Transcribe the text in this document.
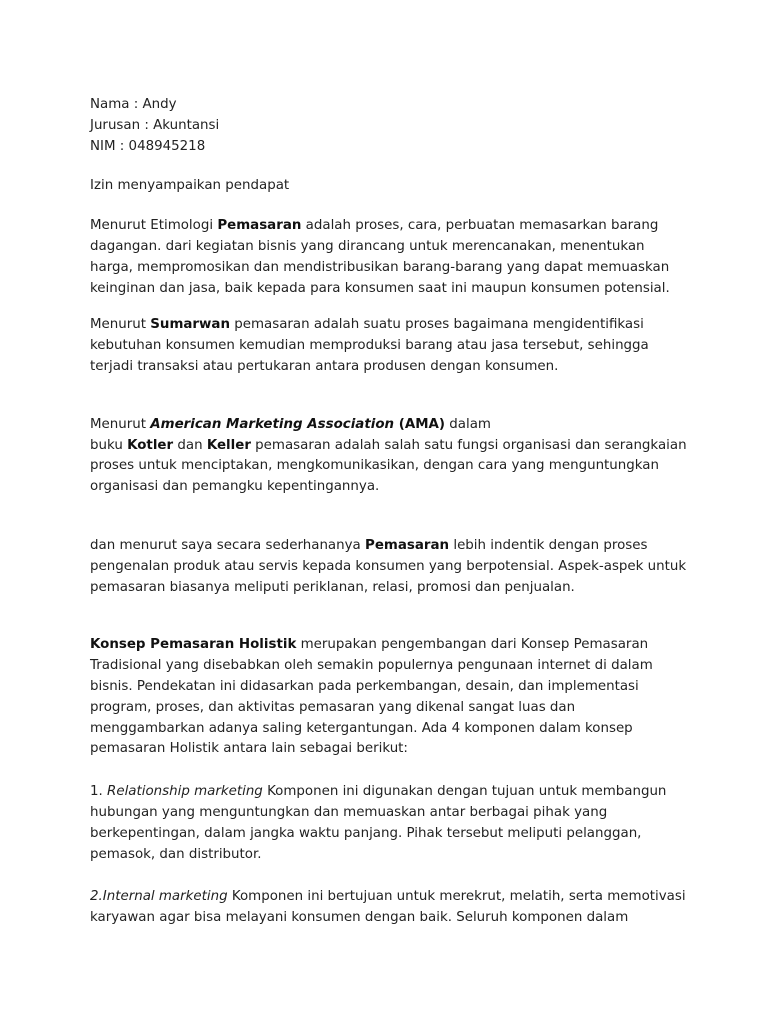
Nama : Andy
Jurusan : Akuntansi
NIM : 048945218
Izin menyampaikan pendapat
Menurut Etimologi Pemasaran adalah proses, cara, perbuatan memasarkan barang
dagangan. dari kegiatan bisnis yang dirancang untuk merencanakan, menentukan
harga, mempromosikan dan mendistribusikan barang-barang yang dapat memuaskan
keinginan dan jasa, baik kepada para konsumen saat ini maupun konsumen potensial.
Menurut Sumarwan pemasaran adalah suatu proses bagaimana mengidentifikasi
kebutuhan konsumen kemudian memproduksi barang atau jasa tersebut, sehingga
terjadi transaksi atau pertukaran antara produsen dengan konsumen.
Menurut American Marketing Association (AMA) dalam
buku Kotler dan Keller pemasaran adalah salah satu fungsi organisasi dan serangkaian
proses untuk menciptakan, mengkomunikasikan, dengan cara yang menguntungkan
organisasi dan pemangku kepentingannya.
dan menurut saya secara sederhananya Pemasaran lebih indentik dengan proses
pengenalan produk atau servis kepada konsumen yang berpotensial. Aspek-aspek untuk
pemasaran biasanya meliputi periklanan, relasi, promosi dan penjualan.
Konsep Pemasaran Holistik merupakan pengembangan dari Konsep Pemasaran
Tradisional yang disebabkan oleh semakin populernya pengunaan internet di dalam
bisnis. Pendekatan ini didasarkan pada perkembangan, desain, dan implementasi
program, proses, dan aktivitas pemasaran yang dikenal sangat luas dan
menggambarkan adanya saling ketergantungan. Ada 4 komponen dalam konsep
pemasaran Holistik antara lain sebagai berikut:
1. Relationship marketing Komponen ini digunakan dengan tujuan untuk membangun
hubungan yang menguntungkan dan memuaskan antar berbagai pihak yang
berkepentingan, dalam jangka waktu panjang. Pihak tersebut meliputi pelanggan,
pemasok, dan distributor.
2.Internal marketing Komponen ini bertujuan untuk merekrut, melatih, serta memotivasi
karyawan agar bisa melayani konsumen dengan baik. Seluruh komponen dalam
